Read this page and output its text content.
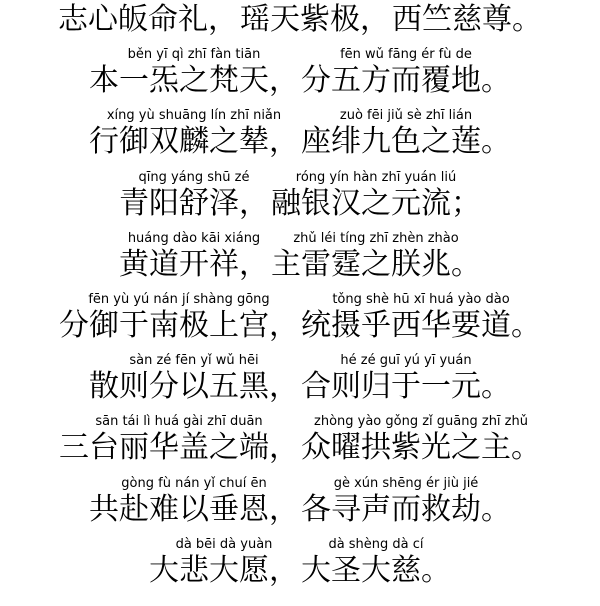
志心皈命礼， 瑶天紫极， 西竺慈尊。
běn yī qì zhī fàn tiān
本一炁之梵天，
fēn wǔ fāng ér fù de
分五方而覆地。
xíng yù shuāng lín zhī niǎn
行御双麟之辇，
zuò fēi jiǔ sè zhī lián
座绯九色之莲。
qīng yáng shū zé
青阳舒泽，
róng yín hàn zhī yuán liú
融银汉之元流；
huáng dào kāi xiáng
黄道开祥，
zhǔ léi tíng zhī zhèn zhào
主雷霆之朕兆。
fēn yù yú nán jí shàng gōng
分御于南极上宫，
tǒng shè hū xī huá yào dào
统摄乎西华要道。
sàn zé fēn yǐ wǔ hēi
散则分以五黑，
hé zé guī yú yī yuán
合则归于一元。
sān tái lì huá gài zhī duān
三台丽华盖之端，
zhòng yào gǒng zǐ guāng zhī zhǔ
众曜拱紫光之主。
gòng fù nán yǐ chuí ēn
共赴难以垂恩，
gè xún shēng ér jiù jié
各寻声而救劫。
dà bēi dà yuàn
大悲大愿，
dà shèng dà cí
大圣大慈。
